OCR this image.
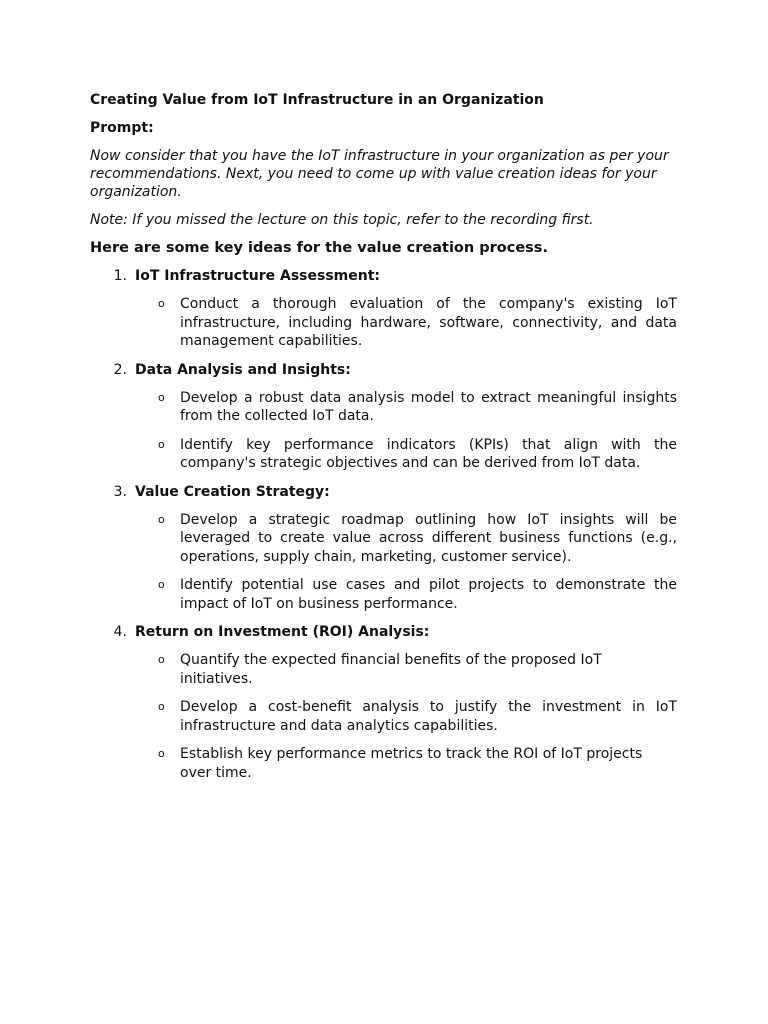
Creating Value from IoT Infrastructure in an Organization
Prompt:
Now consider that you have the IoT infrastructure in your organization as per your recommendations. Next, you need to come up with value creation ideas for your organization.
Note: If you missed the lecture on this topic, refer to the recording first.
Here are some key ideas for the value creation process.
1. IoT Infrastructure Assessment:
o	Conduct a thorough evaluation of the company's existing IoT infrastructure, including hardware, software, connectivity, and data management capabilities.
2. Data Analysis and Insights:
o	Develop a robust data analysis model to extract meaningful insights from the collected IoT data.
o	Identify key performance indicators (KPIs) that align with the company's strategic objectives and can be derived from IoT data.
3. Value Creation Strategy:
o	Develop a strategic roadmap outlining how IoT insights will be leveraged to create value across different business functions (e.g., operations, supply chain, marketing, customer service).
o	Identify potential use cases and pilot projects to demonstrate the impact of IoT on business performance.
4. Return on Investment (ROI) Analysis:
o	Quantify the expected financial benefits of the proposed IoT initiatives.
o	Develop a cost-benefit analysis to justify the investment in IoT infrastructure and data analytics capabilities.
o	Establish key performance metrics to track the ROI of IoT projects over time.
